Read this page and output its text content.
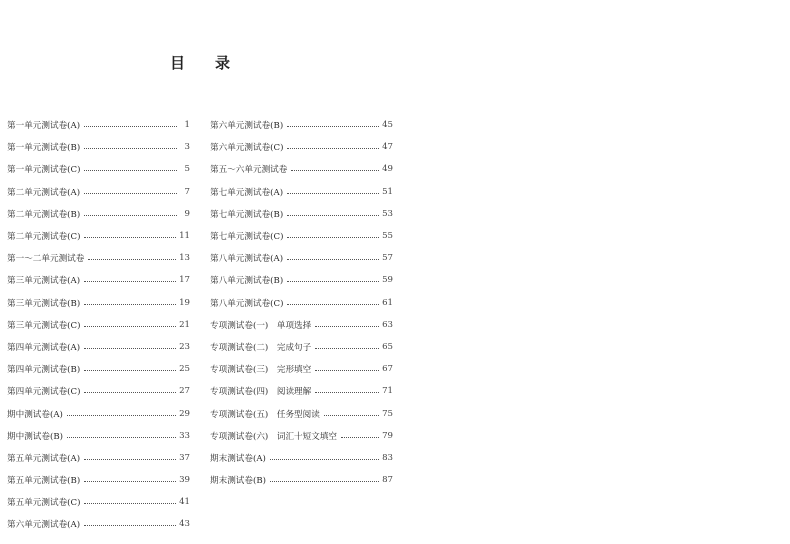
目 录
第一单元测试卷(A)	1
第一单元测试卷(B)	3
第一单元测试卷(C)	5
第二单元测试卷(A)	7
第二单元测试卷(B)	9
第二单元测试卷(C)	11
第一～二单元测试卷	13
第三单元测试卷(A)	17
第三单元测试卷(B)	19
第三单元测试卷(C)	21
第四单元测试卷(A)	23
第四单元测试卷(B)	25
第四单元测试卷(C)	27
期中测试卷(A)	29
期中测试卷(B)	33
第五单元测试卷(A)	37
第五单元测试卷(B)	39
第五单元测试卷(C)	41
第六单元测试卷(A)	43
第六单元测试卷(B)	45
第六单元测试卷(C)	47
第五～六单元测试卷	49
第七单元测试卷(A)	51
第七单元测试卷(B)	53
第七单元测试卷(C)	55
第八单元测试卷(A)	57
第八单元测试卷(B)	59
第八单元测试卷(C)	61
专项测试卷(一)　单项选择	63
专项测试卷(二)　完成句子	65
专项测试卷(三)　完形填空	67
专项测试卷(四)　阅读理解	71
专项测试卷(五)　任务型阅读	75
专项测试卷(六)　词汇十短文填空	79
期末测试卷(A)	83
期末测试卷(B)	87
